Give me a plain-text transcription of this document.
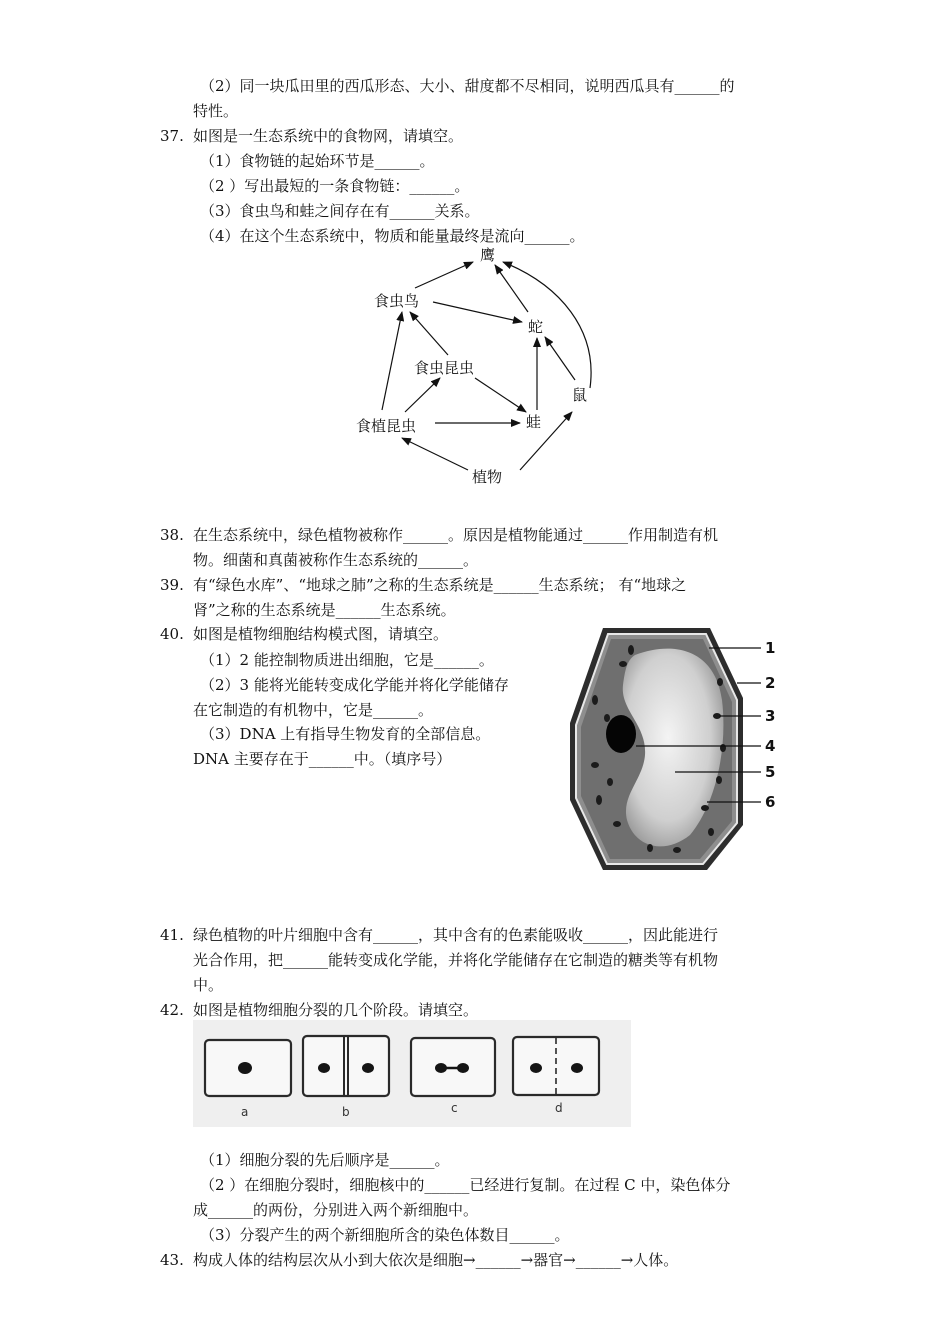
（2）同一块瓜田里的西瓜形态、大小、甜度都不尽相同，说明西瓜具有______的
特性。
37. 如图是一生态系统中的食物网，请填空。
（1）食物链的起始环节是______。
（2 ）写出最短的一条食物链：______。
（3）食虫鸟和蛙之间存在有______关系。
（4）在这个生态系统中，物质和能量最终是流向______。
鹰
食虫鸟
蛇
食虫昆虫
鼠
食植昆虫	蛙
植物
38. 在生态系统中，绿色植物被称作______。原因是植物能通过______作用制造有机
物。细菌和真菌被称作生态系统的______。
39. 有“绿色水库”、“地球之肺”之称的生态系统是______生态系统； 有“地球之
肾”之称的生态系统是______生态系统。
40. 如图是植物细胞结构模式图，请填空。
（1）2 能控制物质进出细胞，它是______。
（2）3 能将光能转变成化学能并将化学能储存
在它制造的有机物中，它是______。
（3）DNA 上有指导生物发育的全部信息。
DNA 主要存在于______中。（填序号）
1
2
3
4
5
6
41. 绿色植物的叶片细胞中含有______，其中含有的色素能吸收______，因此能进行
光合作用，把______能转变成化学能，并将化学能储存在它制造的糖类等有机物
中。
42. 如图是植物细胞分裂的几个阶段。请填空。
a	b	c	d
（1）细胞分裂的先后顺序是______。
（2 ）在细胞分裂时，细胞核中的______已经进行复制。在过程 C 中，染色体分
成______的两份，分别进入两个新细胞中。
（3）分裂产生的两个新细胞所含的染色体数目______。
43. 构成人体的结构层次从小到大依次是细胞→______→器官→______→人体。
